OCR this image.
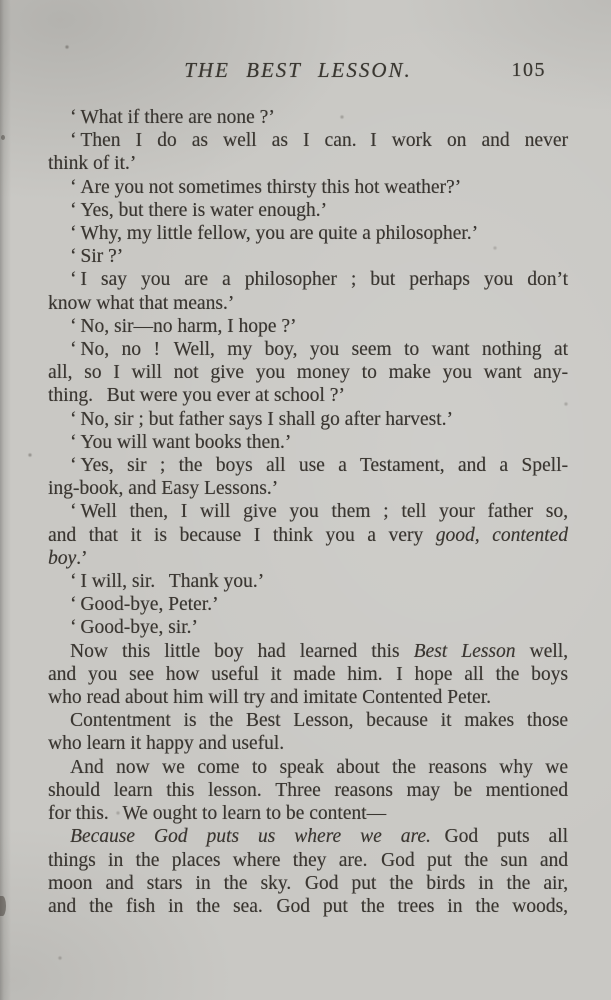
THE BEST LESSON.	105
‘ What if there are none ?’
‘ Then I do as well as I can.  I work on and never
think of it.’
‘ Are you not sometimes thirsty this hot weather?’
‘ Yes, but there is water enough.’
‘ Why, my little fellow, you are quite a philosopher.’
‘ Sir ?’
‘ I say you are a philosopher ; but perhaps you don’t
know what that means.’
‘ No, sir—no harm, I hope ?’
‘ No, no !  Well, my boy, you seem to want nothing at
all, so I will not give you money to make you want any-
thing.  But were you ever at school ?’
‘ No, sir ; but father says I shall go after harvest.’
‘ You will want books then.’
‘ Yes, sir ; the boys all use a Testament, and a Spell-
ing-book, and Easy Lessons.’
‘ Well then, I will give you them ; tell your father so,
and that it is because I think you a very good, contented
boy.’
‘ I will, sir.  Thank you.’
‘ Good-bye, Peter.’
‘ Good-bye, sir.’
Now this little boy had learned this Best Lesson well,
and you see how useful it made him.  I hope all the boys
who read about him will try and imitate Contented Peter.
Contentment is the Best Lesson, because it makes those
who learn it happy and useful.
And now we come to speak about the reasons why we
should learn this lesson.  Three reasons may be mentioned
for this.  We ought to learn to be content—
Because God puts us where we are.  God puts all
things in the places where they are.  God put the sun and
moon and stars in the sky.  God put the birds in the air,
and the fish in the sea.  God put the trees in the woods,
